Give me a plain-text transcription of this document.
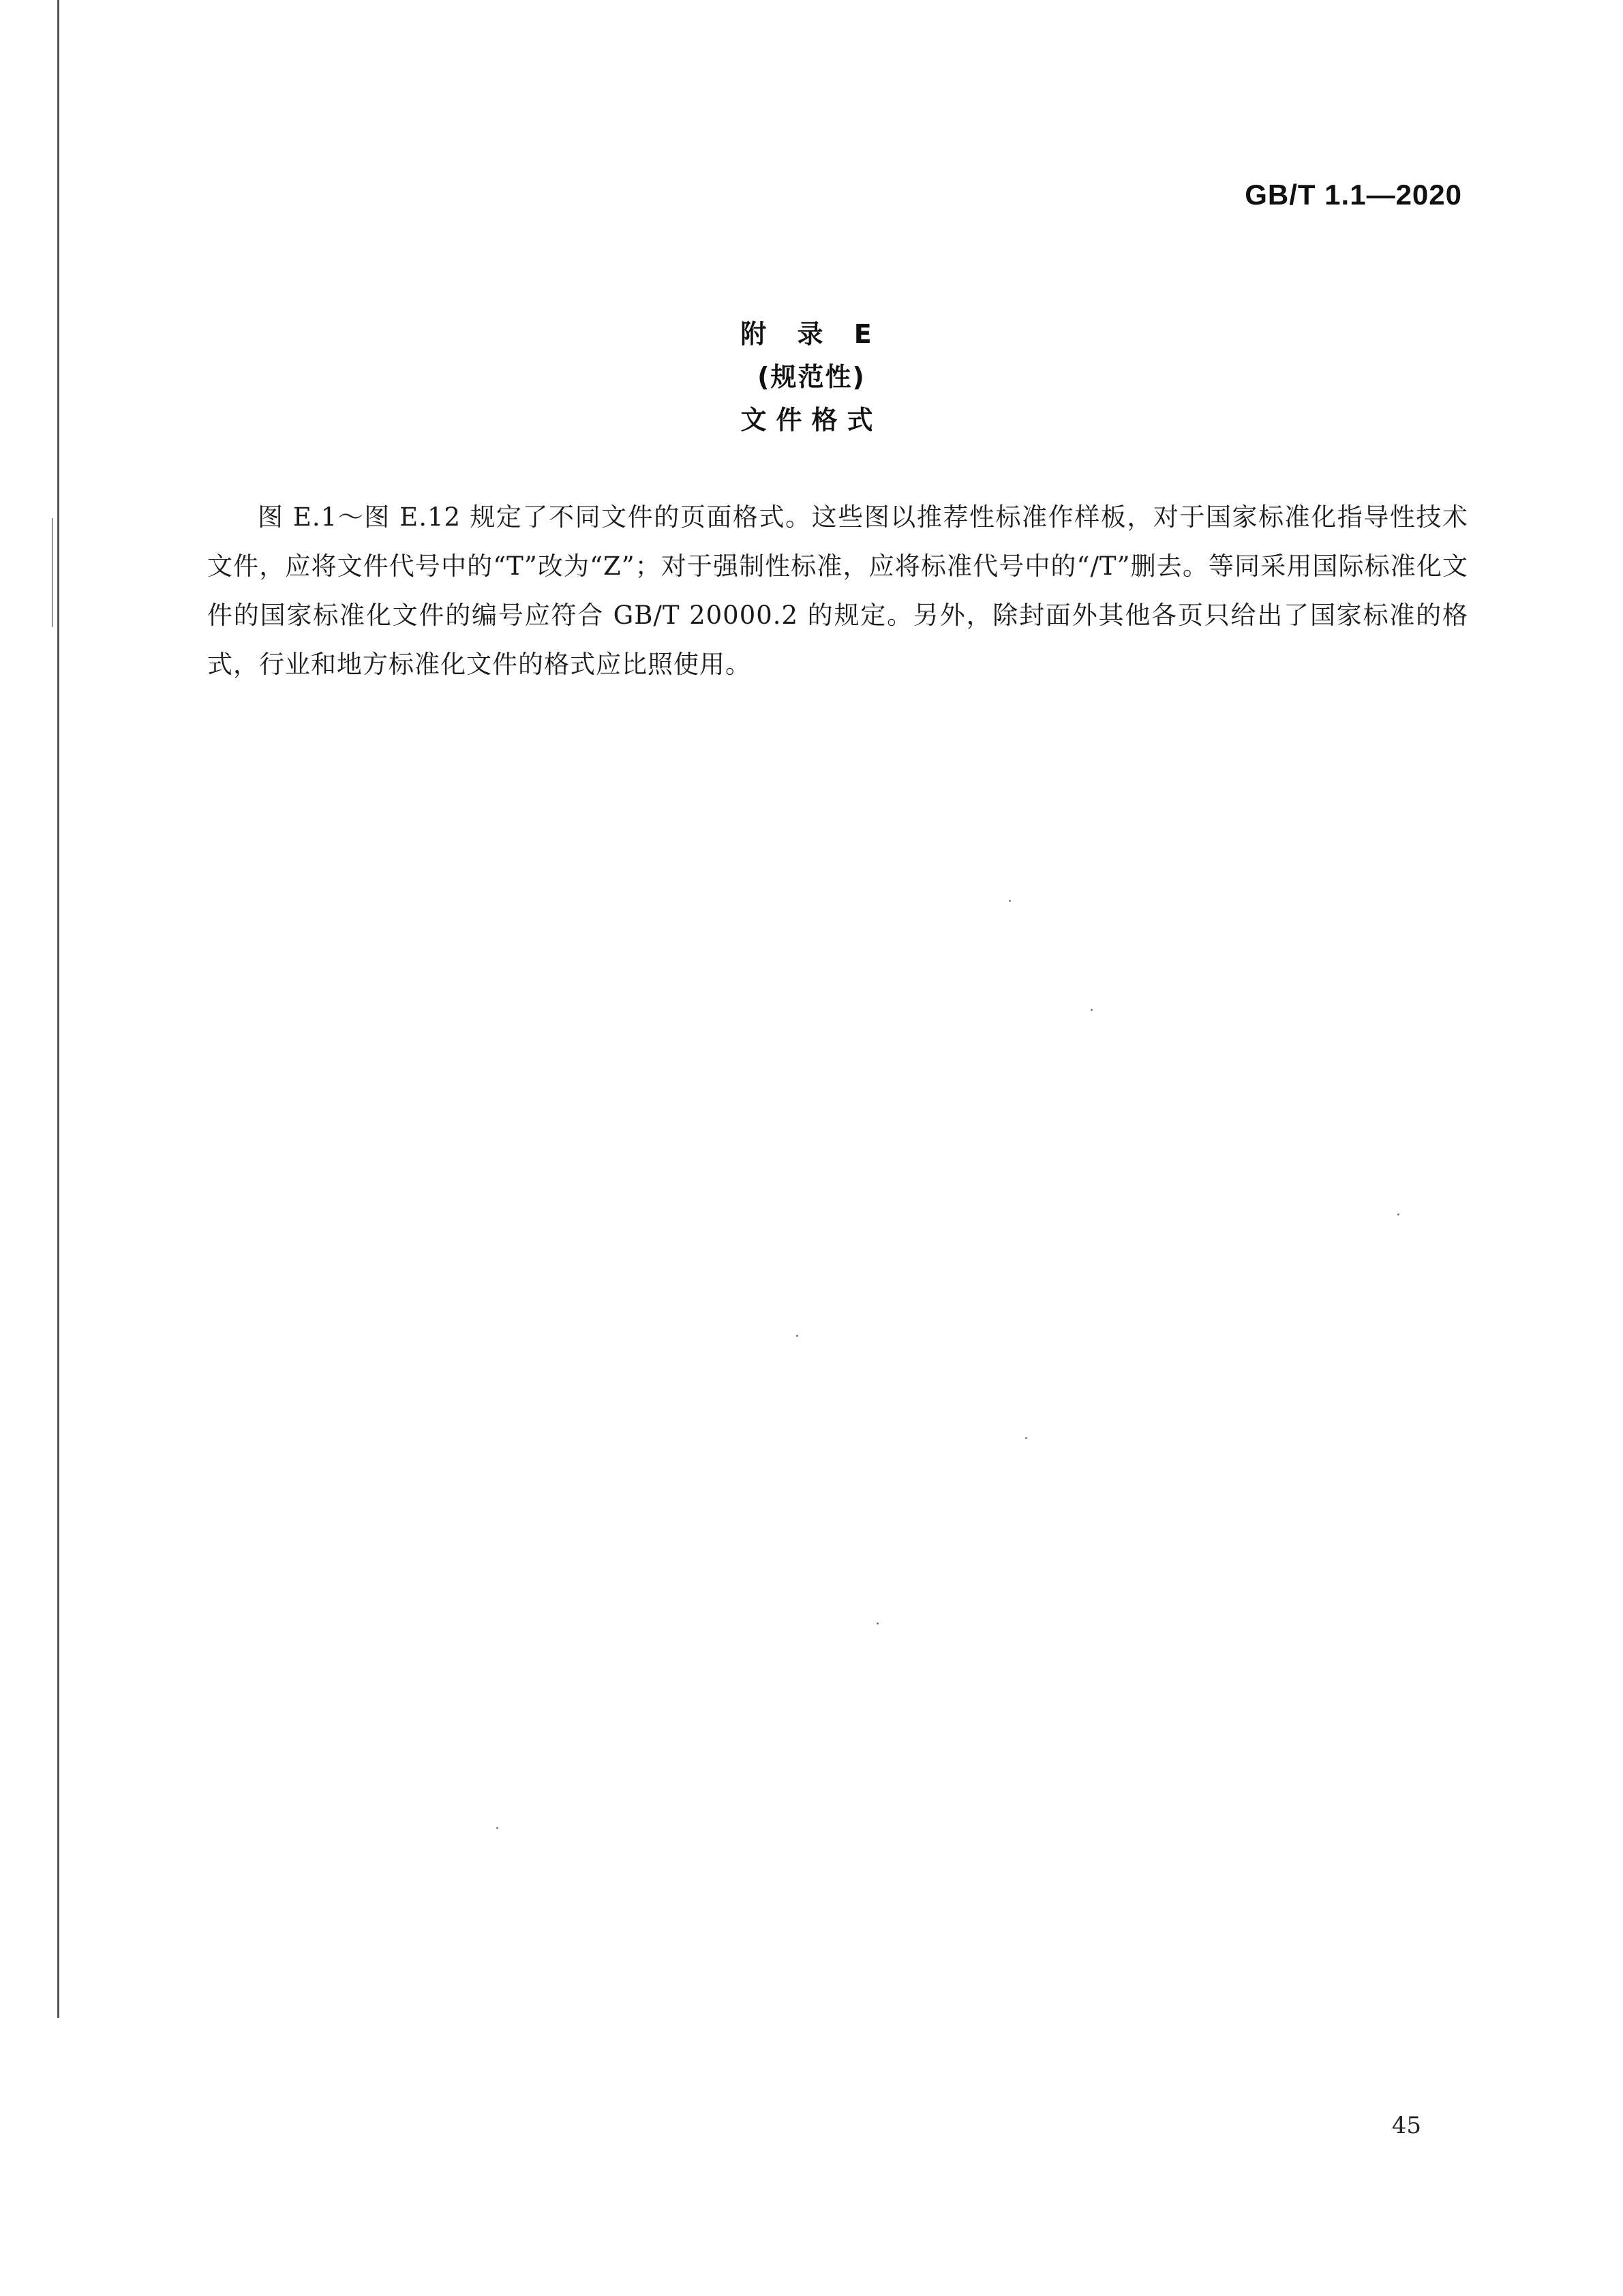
GB/T 1.1—2020
附 录 E
(规范性)
文件格式

图 E.1～图 E.12 规定了不同文件的页面格式。这些图以推荐性标准作样板，对于国家标准化指导性技术文件，应将文件代号中的“T”改为“Z”；对于强制性标准，应将标准代号中的“/T”删去。等同采用国际标准化文件的国家标准化文件的编号应符合 GB/T 20000.2 的规定。另外，除封面外其他各页只给出了国家标准的格式，行业和地方标准化文件的格式应比照使用。

45
